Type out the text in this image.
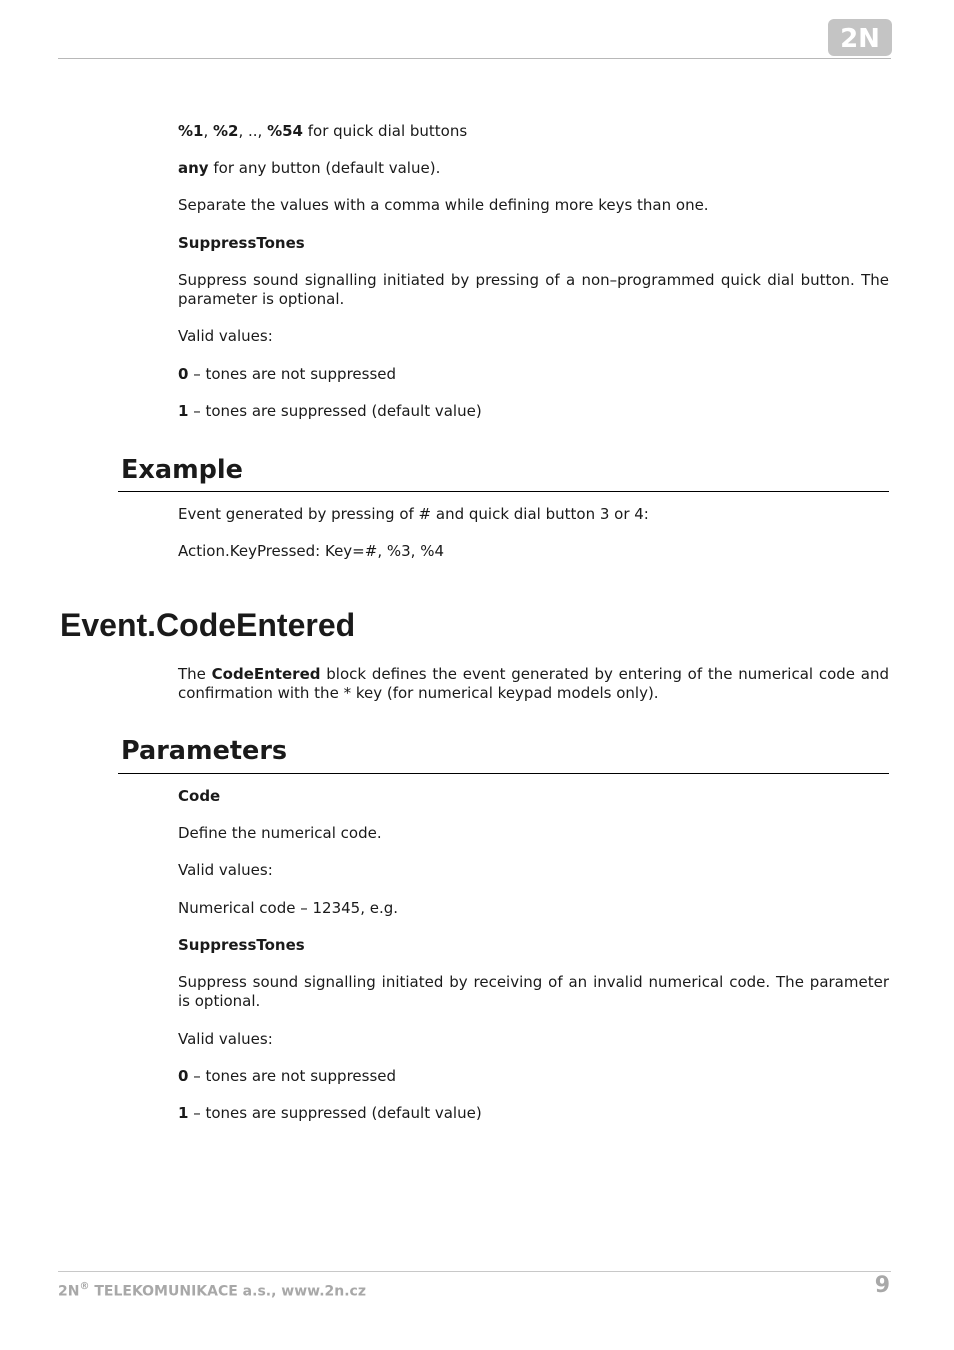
2N

%1, %2, .., %54 for quick dial buttons

any for any button (default value).

Separate the values with a comma while defining more keys than one.

SuppressTones

Suppress sound signalling initiated by pressing of a non–programmed quick dial button. The parameter is optional.

Valid values:

0 – tones are not suppressed

1 – tones are suppressed (default value)

Example

Event generated by pressing of # and quick dial button 3 or 4:

Action.KeyPressed: Key=#, %3, %4

Event.CodeEntered

The CodeEntered block defines the event generated by entering of the numerical code and confirmation with the * key (for numerical keypad models only).

Parameters

Code

Define the numerical code.

Valid values:

Numerical code – 12345, e.g.

SuppressTones

Suppress sound signalling initiated by receiving of an invalid numerical code. The parameter is optional.

Valid values:

0 – tones are not suppressed

1 – tones are suppressed (default value)

2N® TELEKOMUNIKACE a.s., www.2n.cz	9
